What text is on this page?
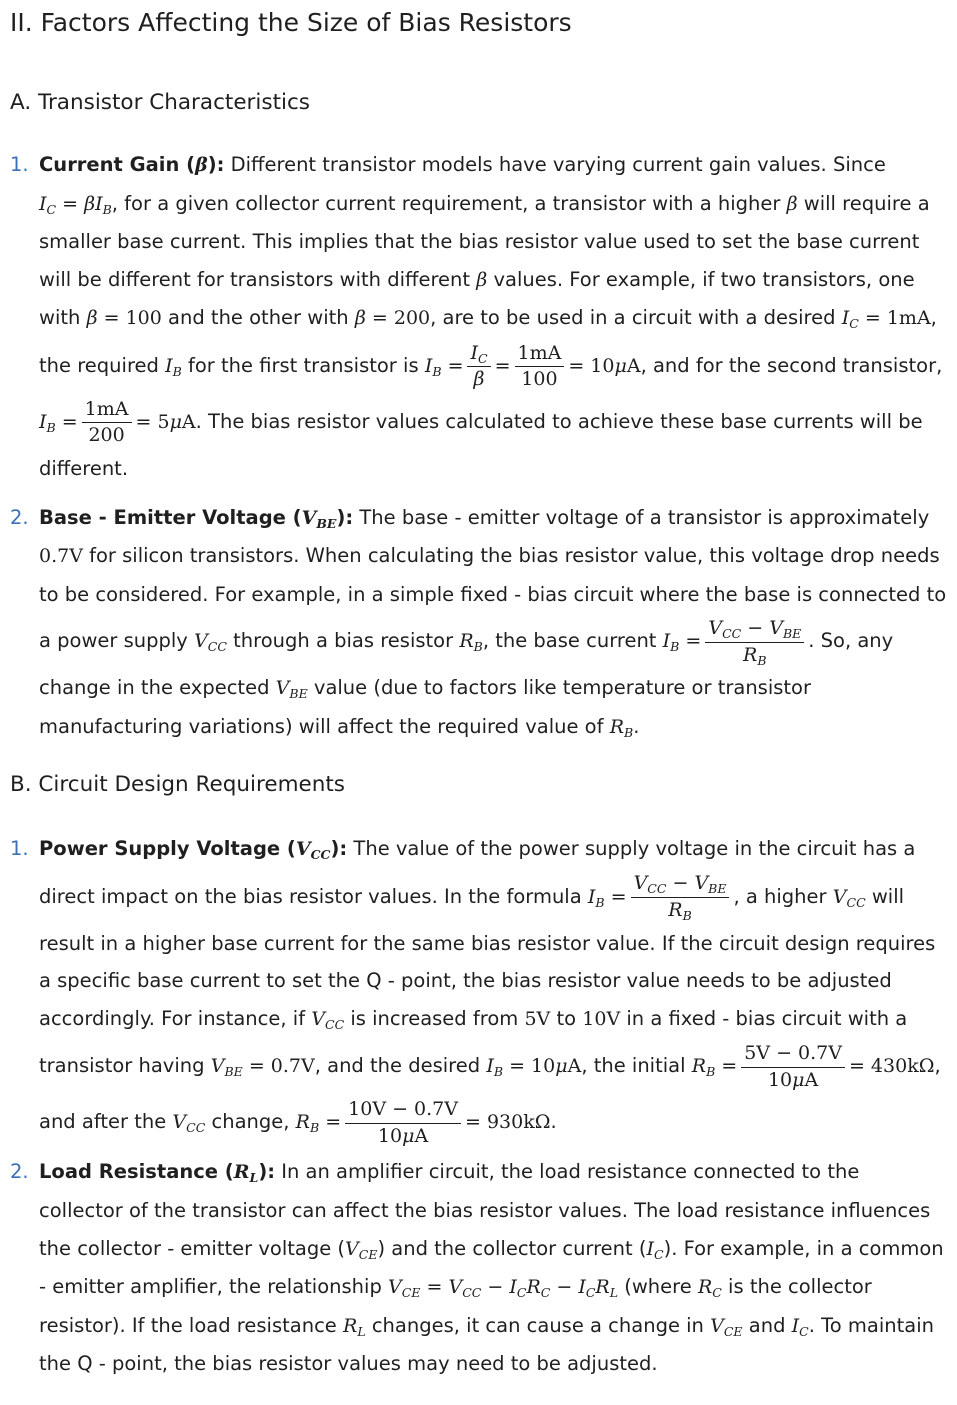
II. Factors Affecting the Size of Bias Resistors
A. Transistor Characteristics
1. Current Gain (β): Different transistor models have varying current gain values. Since $I_C = \beta I_B$, for a given collector current requirement, a transistor with a higher β will require a smaller base current. This implies that the bias resistor value used to set the base current will be different for transistors with different β values. For example, if two transistors, one with β = 100 and the other with β = 200, are to be used in a circuit with a desired $I_C = 1mA$, the required $I_B$ for the first transistor is $I_B = \frac{I_C}{\beta} = \frac{1mA}{100} = 10\mu A$, and for the second transistor, $I_B = \frac{1mA}{200} = 5\mu A$. The bias resistor values calculated to achieve these base currents will be different.
2. Base - Emitter Voltage $(V_{BE})$: The base - emitter voltage of a transistor is approximately 0.7V for silicon transistors. When calculating the bias resistor value, this voltage drop needs to be considered. For example, in a simple fixed - bias circuit where the base is connected to a power supply $V_{CC}$ through a bias resistor $R_B$, the base current $I_B = \frac{V_{CC} - V_{BE}}{R_B}$ . So, any change in the expected $V_{BE}$ value (due to factors like temperature or transistor manufacturing variations) will affect the required value of $R_B$.
B. Circuit Design Requirements
1. Power Supply Voltage $(V_{CC})$: The value of the power supply voltage in the circuit has a direct impact on the bias resistor values. In the formula $I_B = \frac{V_{CC} - V_{BE}}{R_B}$ , a higher $V_{CC}$ will result in a higher base current for the same bias resistor value. If the circuit design requires a specific base current to set the Q - point, the bias resistor value needs to be adjusted accordingly. For instance, if $V_{CC}$ is increased from 5V to 10V in a fixed - bias circuit with a transistor having $V_{BE} = 0.7V$, and the desired $I_B = 10\mu A$, the initial $R_B = \frac{5V - 0.7V}{10\mu A} = 430k\Omega$, and after the $V_{CC}$ change, $R_B = \frac{10V - 0.7V}{10\mu A} = 930k\Omega$.
2. Load Resistance $(R_L)$: In an amplifier circuit, the load resistance connected to the collector of the transistor can affect the bias resistor values. The load resistance influences the collector - emitter voltage $(V_{CE})$ and the collector current $(I_C)$. For example, in a common - emitter amplifier, the relationship $V_{CE} = V_{CC} - I_CR_C - I_CR_L$ (where $R_C$ is the collector resistor). If the load resistance $R_L$ changes, it can cause a change in $V_{CE}$ and $I_C$. To maintain the Q - point, the bias resistor values may need to be adjusted.
